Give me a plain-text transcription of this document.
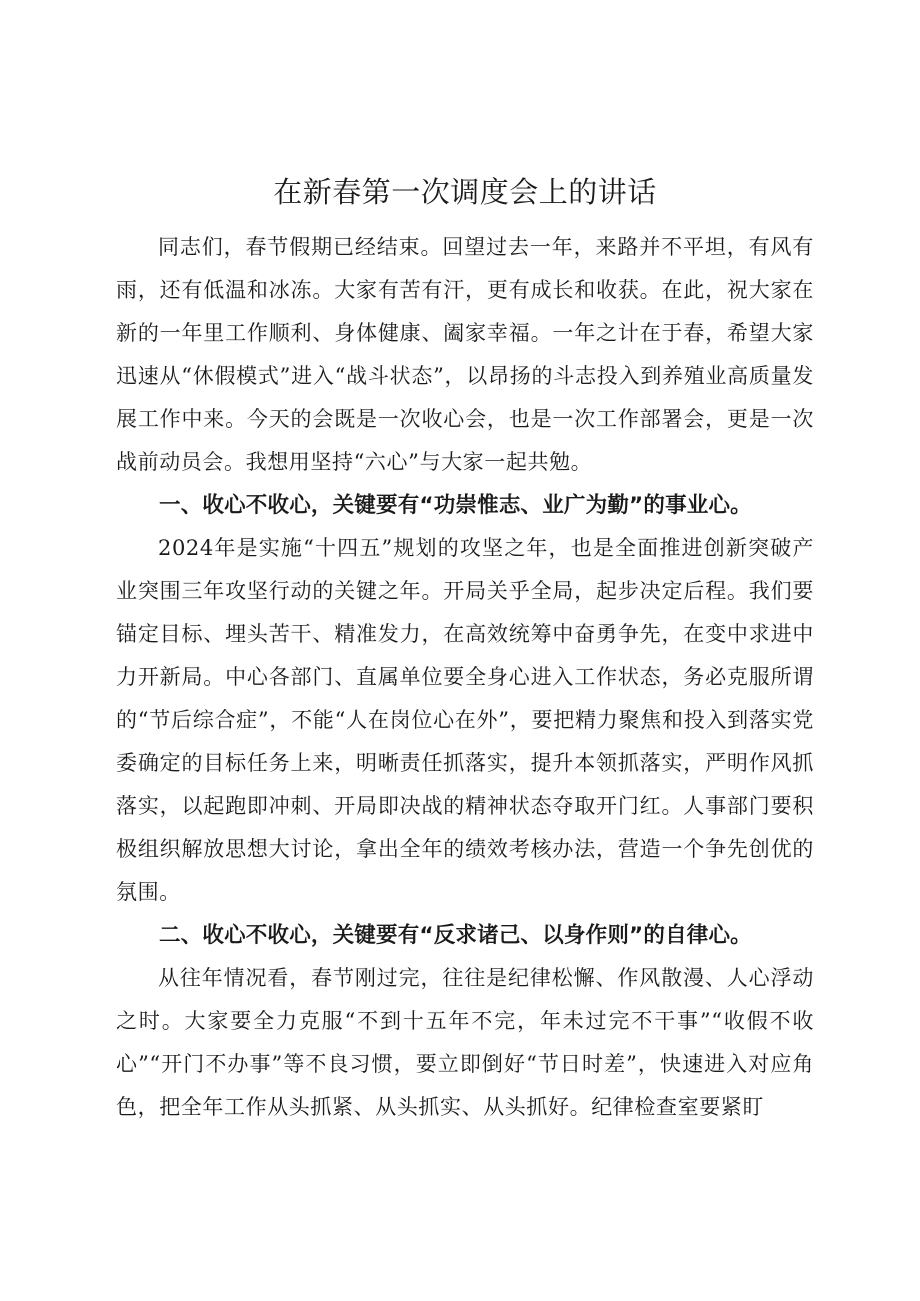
在新春第一次调度会上的讲话

同志们，春节假期已经结束。回望过去一年，来路并不平坦，有风有雨，还有低温和冰冻。大家有苦有汗，更有成长和收获。在此，祝大家在新的一年里工作顺利、身体健康、阖家幸福。一年之计在于春，希望大家迅速从“休假模式”进入“战斗状态”，以昂扬的斗志投入到养殖业高质量发展工作中来。今天的会既是一次收心会，也是一次工作部署会，更是一次战前动员会。我想用坚持“六心”与大家一起共勉。

一、收心不收心，关键要有“功崇惟志、业广为勤”的事业心。

2024年是实施“十四五”规划的攻坚之年，也是全面推进创新突破产业突围三年攻坚行动的关键之年。开局关乎全局，起步决定后程。我们要锚定目标、埋头苦干、精准发力，在高效统筹中奋勇争先，在变中求进中力开新局。中心各部门、直属单位要全身心进入工作状态，务必克服所谓的“节后综合症”，不能“人在岗位心在外”，要把精力聚焦和投入到落实党委确定的目标任务上来，明晰责任抓落实，提升本领抓落实，严明作风抓落实，以起跑即冲刺、开局即决战的精神状态夺取开门红。人事部门要积极组织解放思想大讨论，拿出全年的绩效考核办法，营造一个争先创优的氛围。

二、收心不收心，关键要有“反求诸己、以身作则”的自律心。

从往年情况看，春节刚过完，往往是纪律松懈、作风散漫、人心浮动之时。大家要全力克服“不到十五年不完，年未过完不干事”“收假不收心”“开门不办事”等不良习惯，要立即倒好“节日时差”，快速进入对应角色，把全年工作从头抓紧、从头抓实、从头抓好。纪律检查室要紧盯
